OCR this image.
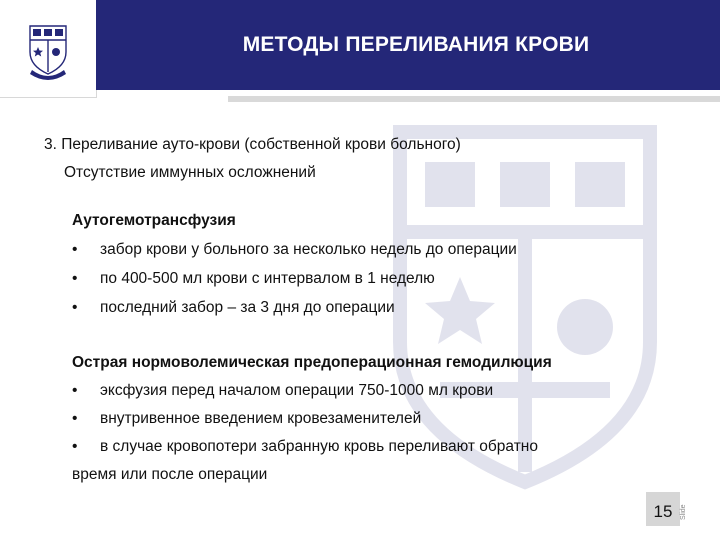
МЕТОДЫ ПЕРЕЛИВАНИЯ КРОВИ
3. Переливание ауто-крови (собственной крови больного)
Отсутствие иммунных осложнений
Аутогемотрансфузия
• забор крови у больного за несколько недель до операции
• по 400-500 мл крови с интервалом в 1 неделю
• последний забор – за 3 дня до операции
Острая нормоволемическая предоперационная гемодилюция
• эксфузия перед началом операции 750-1000 мл крови
• внутривенное введением кровезаменителей
• в случае кровопотери забранную кровь переливают обратно
время или после операции
15 Slide
